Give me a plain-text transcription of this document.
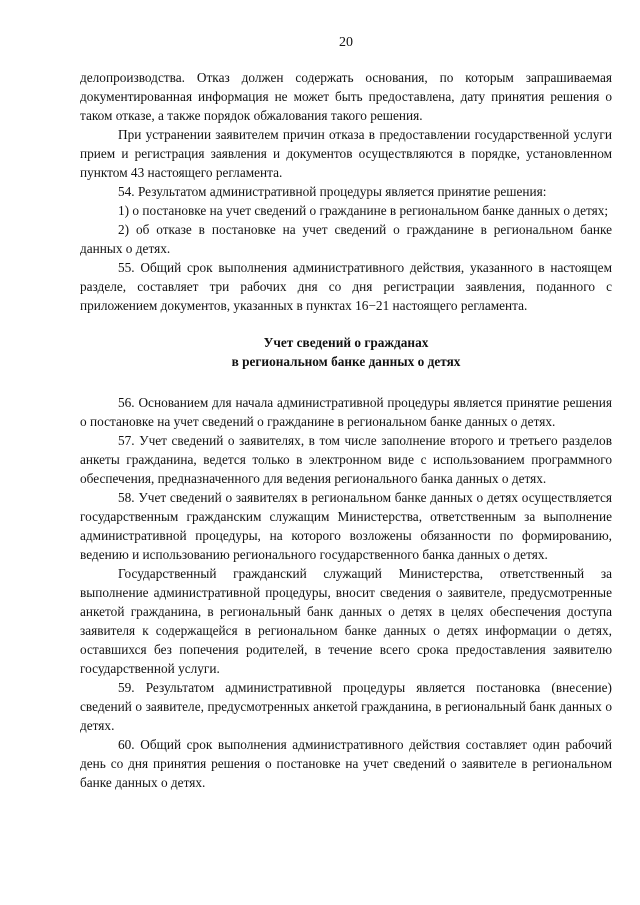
20

делопроизводства. Отказ должен содержать основания, по которым запрашиваемая документированная информация не может быть предоставлена, дату принятия решения о таком отказе, а также порядок обжалования такого решения.

При устранении заявителем причин отказа в предоставлении государственной услуги прием и регистрация заявления и документов осуществляются в порядке, установленном пунктом 43 настоящего регламента.

54. Результатом административной процедуры является принятие решения:

1) о постановке на учет сведений о гражданине в региональном банке данных о детях;

2) об отказе в постановке на учет сведений о гражданине в региональном банке данных о детях.

55. Общий срок выполнения административного действия, указанного в настоящем разделе, составляет три рабочих дня со дня регистрации заявления, поданного с приложением документов, указанных в пунктах 16−21 настоящего регламента.

Учет сведений о гражданах
в региональном банке данных о детях

56. Основанием для начала административной процедуры является принятие решения о постановке на учет сведений о гражданине в региональном банке данных о детях.

57. Учет сведений о заявителях, в том числе заполнение второго и третьего разделов анкеты гражданина, ведется только в электронном виде с использованием программного обеспечения, предназначенного для ведения регионального банка данных о детях.

58. Учет сведений о заявителях в региональном банке данных о детях осуществляется государственным гражданским служащим Министерства, ответственным за выполнение административной процедуры, на которого возложены обязанности по формированию, ведению и использованию регионального государственного банка данных о детях.

Государственный гражданский служащий Министерства, ответственный за выполнение административной процедуры, вносит сведения о заявителе, предусмотренные анкетой гражданина, в региональный банк данных о детях в целях обеспечения доступа заявителя к содержащейся в региональном банке данных о детях информации о детях, оставшихся без попечения родителей, в течение всего срока предоставления заявителю государственной услуги.

59. Результатом административной процедуры является постановка (внесение) сведений о заявителе, предусмотренных анкетой гражданина, в региональный банк данных о детях.

60. Общий срок выполнения административного действия составляет один рабочий день со дня принятия решения о постановке на учет сведений о заявителе в региональном банке данных о детях.
